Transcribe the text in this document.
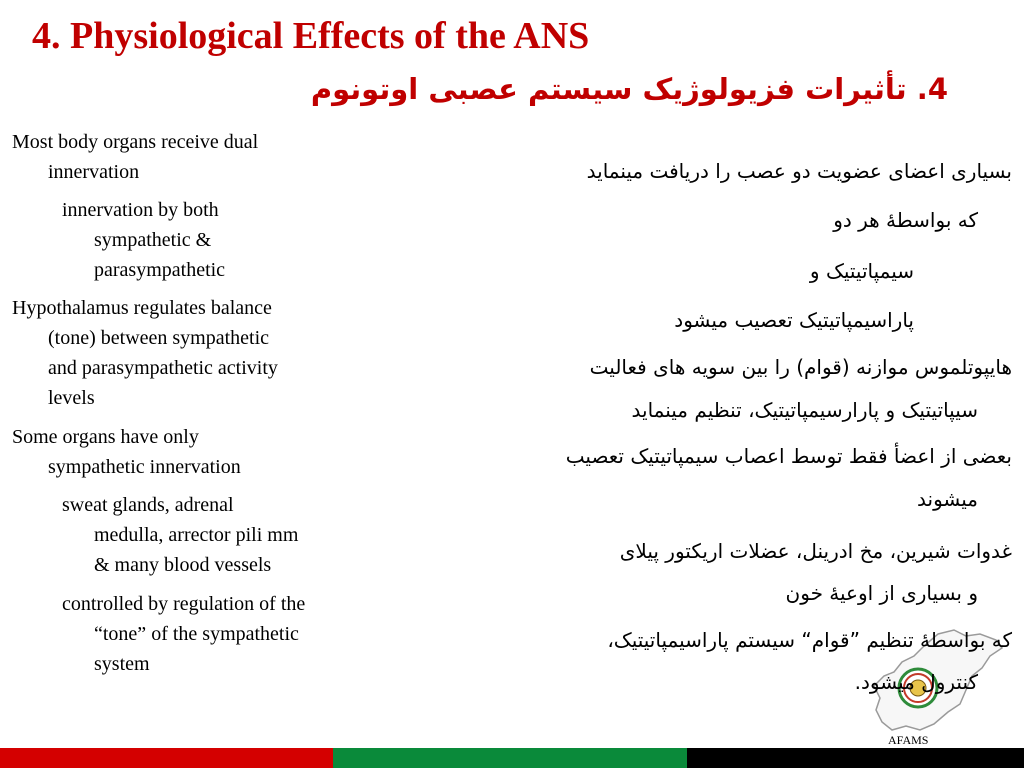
4. Physiological Effects of the ANS
4. تأثیرات فزیولوژیک سیستم عصبی اوتونوم

Most body organs receive dual

innervation

innervation by both

sympathetic &

parasympathetic

Hypothalamus regulates balance

(tone) between sympathetic

and parasympathetic activity

levels

Some organs have only

sympathetic innervation

sweat glands, adrenal

medulla, arrector pili mm

& many blood vessels

controlled by regulation of the

“tone” of the sympathetic

system

AFAMS

بسیاری اعضای عضویت دو عصب را دریافت مینماید

که بواسطهٔ هر دو

سیمپاتیتیک و

پاراسیمپاتیتیک تعصیب میشود

هایپوتلموس موازنه (قوام) را بین سویه های فعالیت

سیپاتیتیک و پارارسیمپاتیتیک، تنظیم مینماید

بعضی از اعضأ فقط توسط اعصاب سیمپاتیتیک تعصیب

میشوند

غدوات شیرین، مخ ادرینل، عضلات اریکتور پیلای

و بسیاری از اوعیهٔ خون

که بواسطهٔ تنظیم ”قوام“ سیستم پاراسیمپاتیتیک،

کنترول میشود.
